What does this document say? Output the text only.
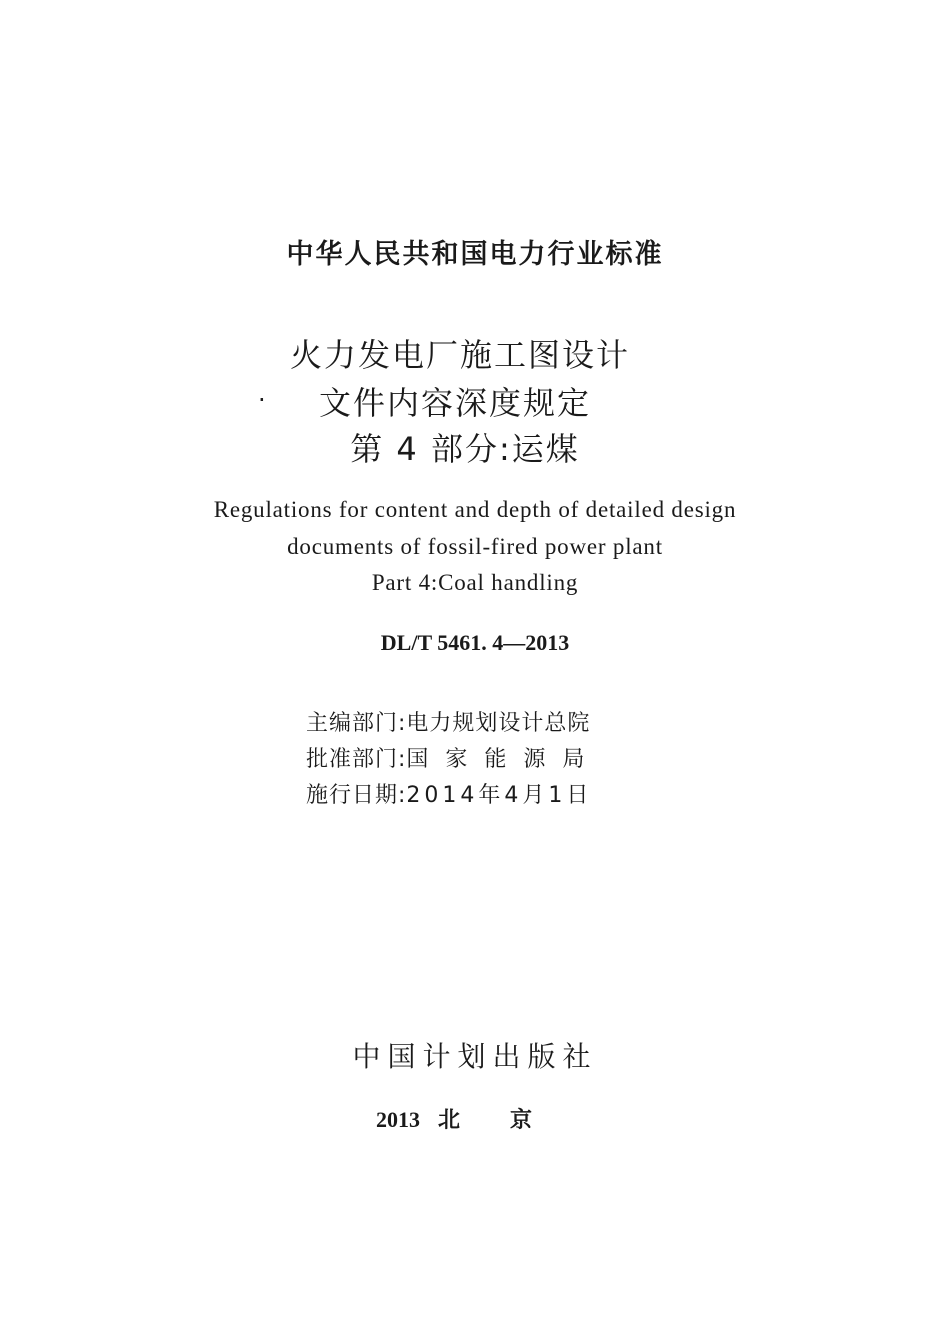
中华人民共和国电力行业标准
火力发电厂施工图设计
·	文件内容深度规定
第 4 部分:运煤
Regulations for content and depth of detailed design
documents of fossil-fired power plant
Part 4:Coal handling
DL/T 5461. 4—2013
主编部门:电力规划设计总院
批准部门:国家能源局
施行日期:2014年4月1日
中国计划出版社
2013 北京
